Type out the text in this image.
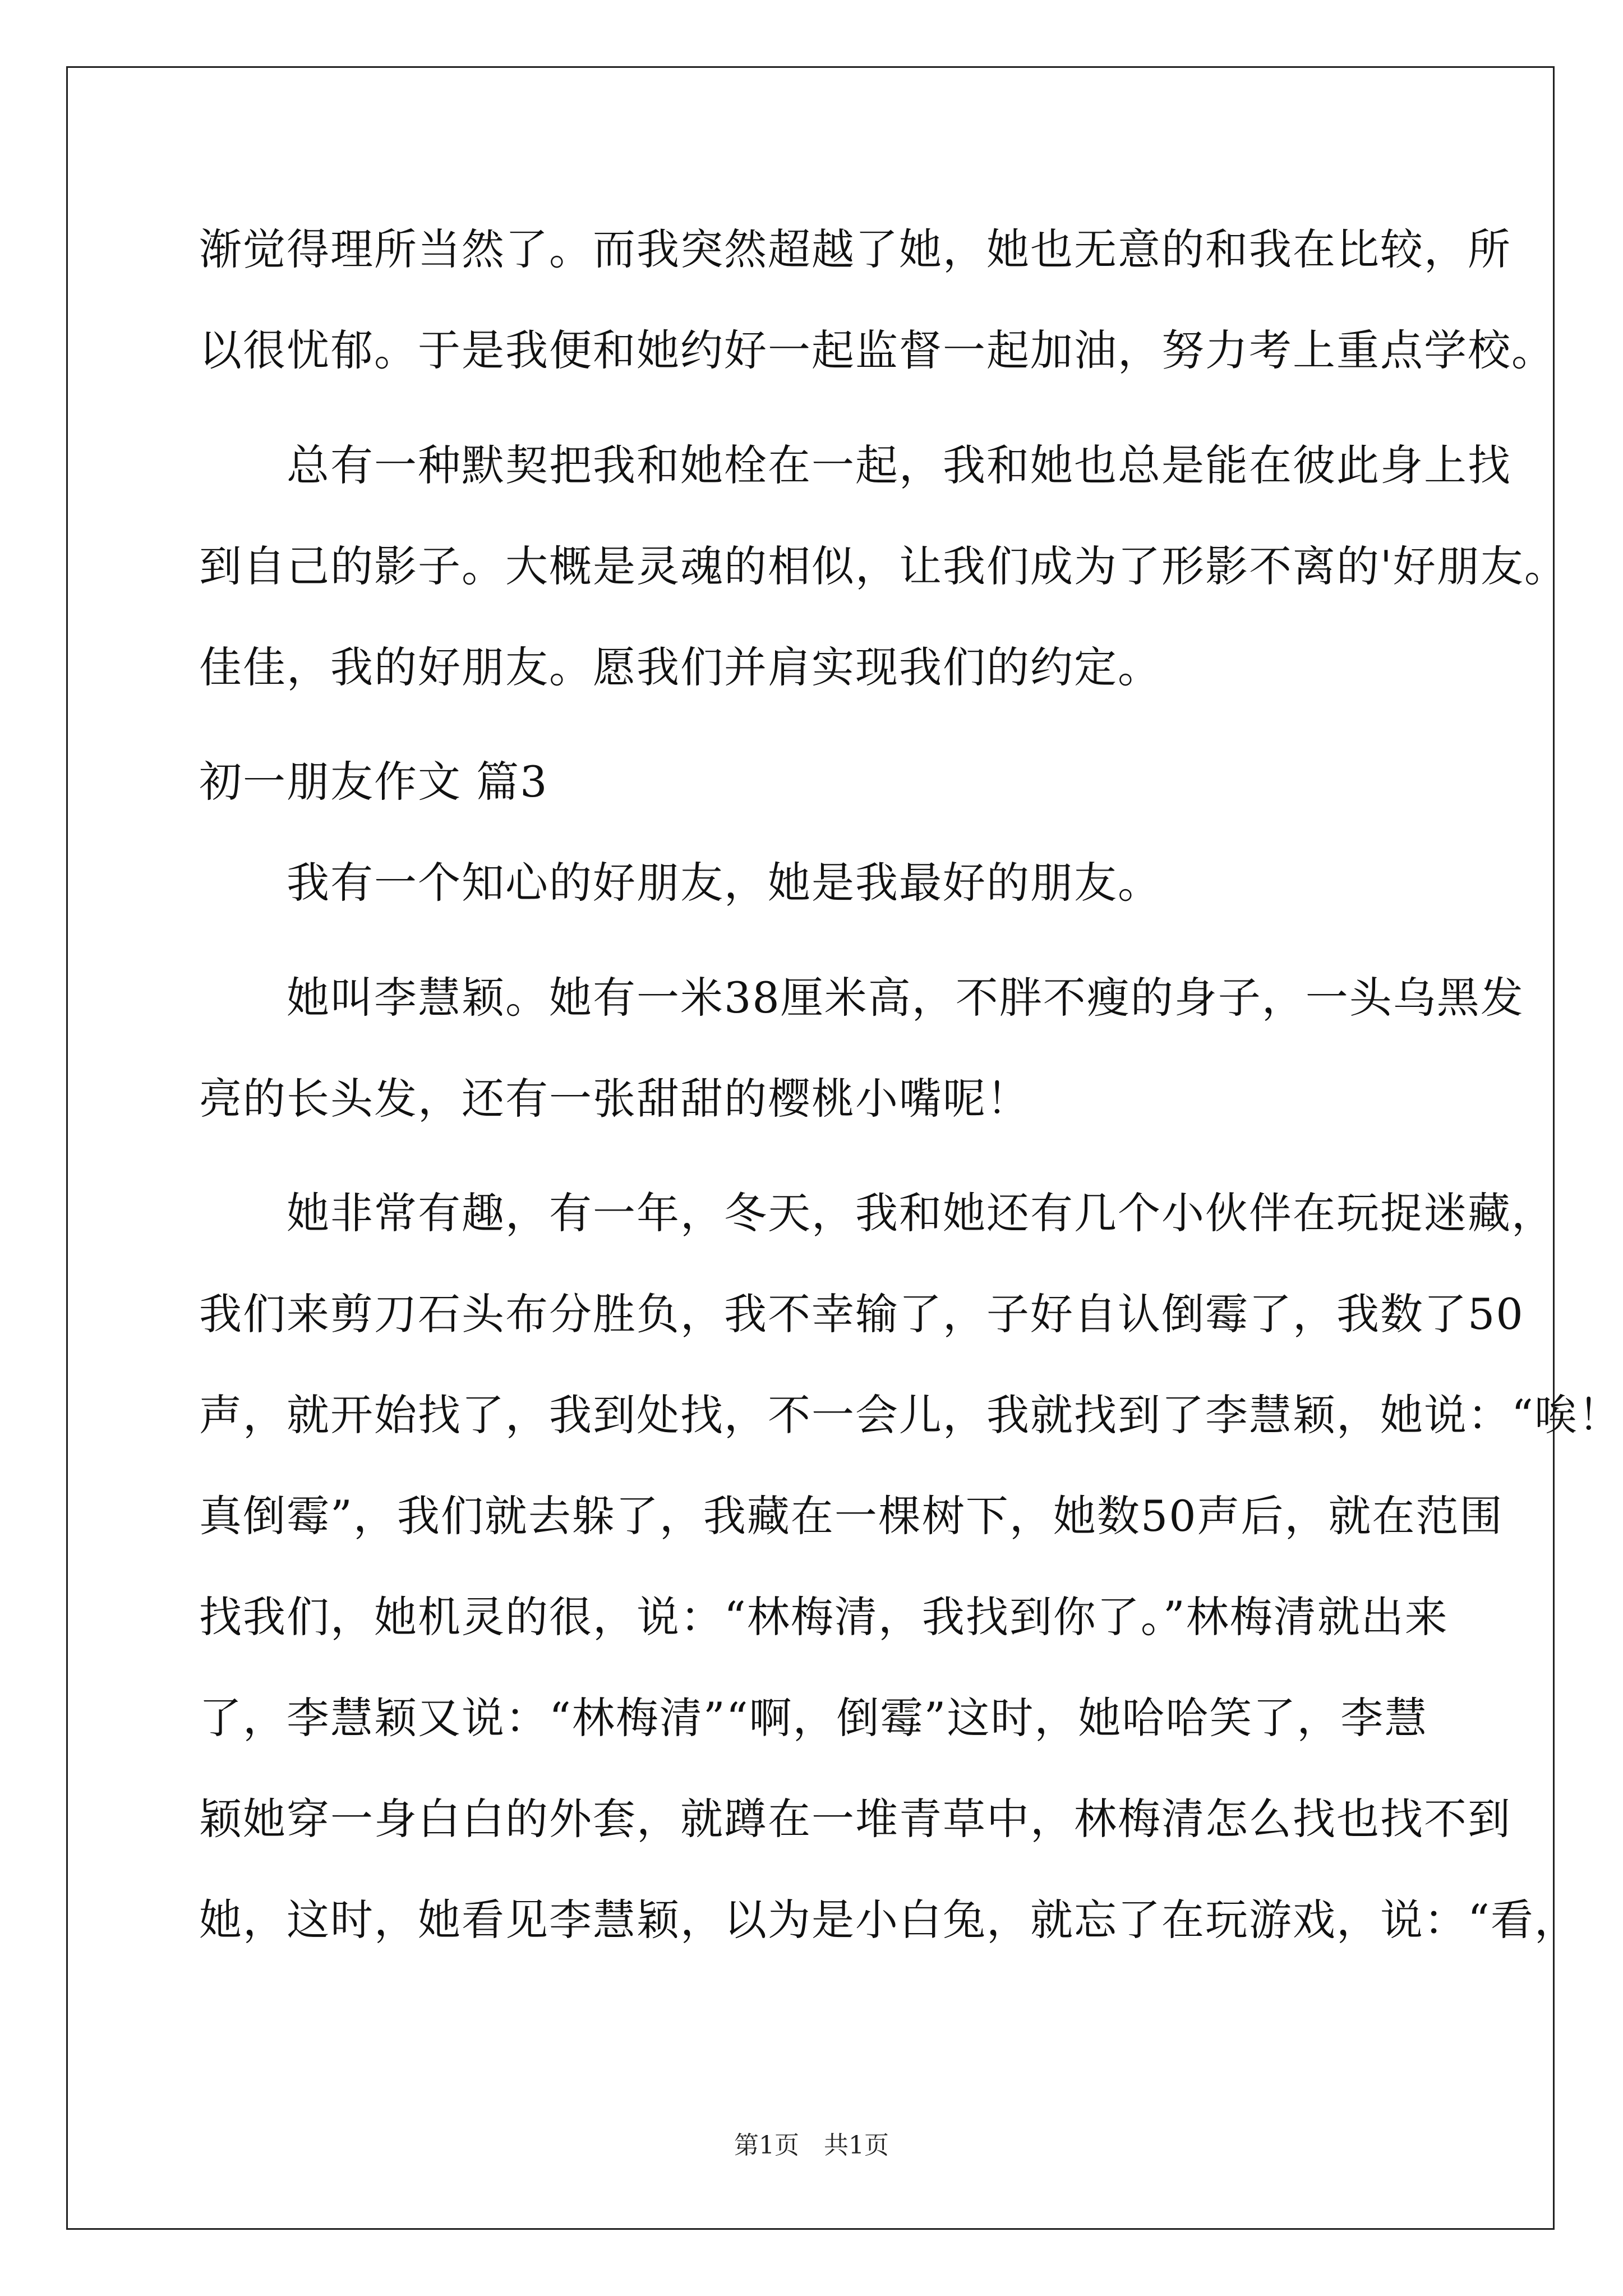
渐觉得理所当然了。而我突然超越了她，她也无意的和我在比较，所
以很忧郁。于是我便和她约好一起监督一起加油，努力考上重点学校。
　　总有一种默契把我和她栓在一起，我和她也总是能在彼此身上找
到自己的影子。大概是灵魂的相似，让我们成为了形影不离的'好朋友。
佳佳，我的好朋友。愿我们并肩实现我们的约定。
初一朋友作文 篇3
　　我有一个知心的好朋友，她是我最好的朋友。
　　她叫李慧颖。她有一米38厘米高，不胖不瘦的身子，一头乌黑发
亮的长头发，还有一张甜甜的樱桃小嘴呢！
　　她非常有趣，有一年，冬天，我和她还有几个小伙伴在玩捉迷藏，
我们来剪刀石头布分胜负，我不幸输了，子好自认倒霉了，我数了50
声，就开始找了，我到处找，不一会儿，我就找到了李慧颖，她说：“唉！
真倒霉”，我们就去躲了，我藏在一棵树下，她数50声后，就在范围
找我们，她机灵的很，说：“林梅清，我找到你了。”林梅清就出来
了，李慧颖又说：“林梅清”“啊，倒霉”这时，她哈哈笑了，李慧
颖她穿一身白白的外套，就蹲在一堆青草中，林梅清怎么找也找不到
她，这时，她看见李慧颖，以为是小白兔，就忘了在玩游戏，说：“看，
第1页　共1页
